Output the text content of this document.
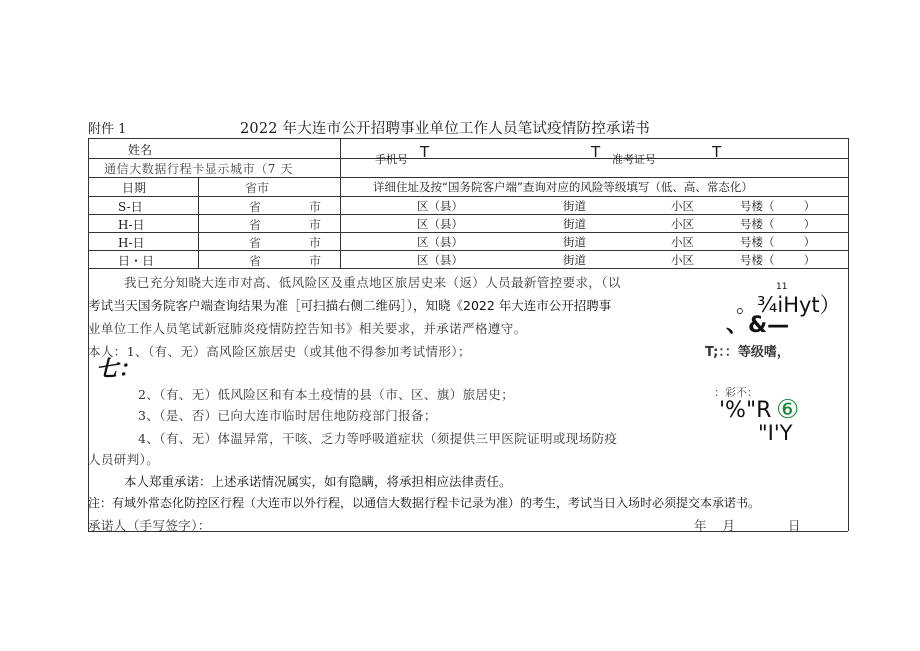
附件 1	2022 年大连市公开招聘事业单位工作人员笔试疫情防控承诺书
姓名
手机号	准考证号
T	T	T
通信大数据行程卡显示城市（7 天
日期	省市	详细住址及按“国务院客户端”查询对应的风险等级填写（低、高、常态化）
S-日	省	市	区（县）	街道	小区	号楼（        ）
H-日	省	市	区（县）	街道	小区	号楼（        ）
H-日	省	市	区（县）	街道	小区	号楼（        ）
日・日	省	市	区（县）	街道	小区	号楼（        ）
我已充分知晓大连市对高、低风险区及重点地区旅居史来（返）人员最新管控要求，（以
考试当天国务院客户端查询结果为准［可扫描右侧二维码］），知晓《2022 年大连市公开招聘事
业单位工作人员笔试新冠肺炎疫情防控告知书》相关要求，并承诺严格遵守。
本人：1、（有、无）高风险区旅居史（或其他不得参加考试情形）；
七：
2、（有、无）低风险区和有本土疫情的县（市、区、旗）旅居史；
3、（是、否）已向大连市临时居住地防疫部门报备；
4、（有、无）体温异常，干咳、乏力等呼吸道症状（须提供三甲医院证明或现场防疫
人员研判）。
本人郑重承诺：上述承诺情况属实，如有隐瞒，将承担相应法律责任。
注：有域外常态化防控区行程（大连市以外行程，以通信大数据行程卡记录为准）的考生，考试当日入场时必须提交本承诺书。
承诺人（手写签字）：	年月	日
11
。¾iHyt）
、&—
T;：：等级嗜，
：彩不：
'%"R ⑥
"I'Y
